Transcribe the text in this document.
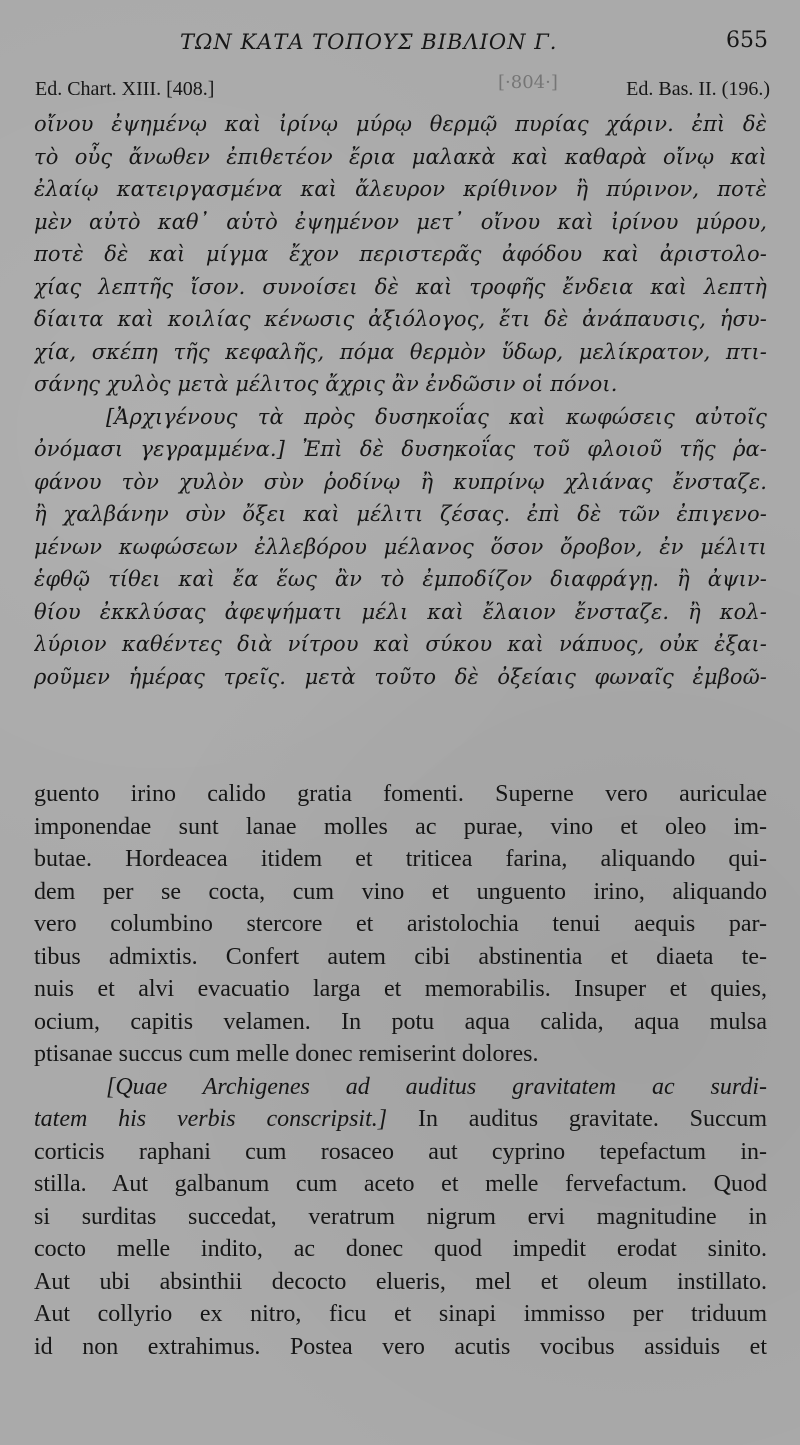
ΤΩΝ ΚΑΤΑ ΤΟΠΟΥΣ ΒΙΒΛΙΟΝ Γ.	655
Ed. Chart. XIII. [408.]	[·804·]	Ed. Bas. II. (196.)
οἴνου ἐψημένῳ καὶ ἰρίνῳ μύρῳ θερμῷ πυρίας χάριν. ἐπὶ δὲ
τὸ οὖς ἄνωθεν ἐπιθετέον ἔρια μαλακὰ καὶ καθαρὰ οἴνῳ καὶ
ἐλαίῳ κατειργασμένα καὶ ἄλευρον κρίθινον ἢ πύρινον, ποτὲ
μὲν αὐτὸ καθ᾽ αὑτὸ ἐψημένον μετ᾽ οἴνου καὶ ἰρίνου μύρου,
ποτὲ δὲ καὶ μίγμα ἔχον περιστερᾶς ἀφόδου καὶ ἀριστολο-
χίας λεπτῆς ἴσον. συνοίσει δὲ καὶ τροφῆς ἔνδεια καὶ λεπτὴ
δίαιτα καὶ κοιλίας κένωσις ἀξιόλογος, ἔτι δὲ ἀνάπαυσις, ἡσυ-
χία, σκέπη τῆς κεφαλῆς, πόμα θερμὸν ὕδωρ, μελίκρατον, πτι-
σάνης χυλὸς μετὰ μέλιτος ἄχρις ἂν ἐνδῶσιν οἱ πόνοι.
[Ἀρχιγένους τὰ πρὸς δυσηκοΐας καὶ κωφώσεις αὐτοῖς
ὀνόμασι γεγραμμένα.] Ἐπὶ δὲ δυσηκοΐας τοῦ φλοιοῦ τῆς ῥα-
φάνου τὸν χυλὸν σὺν ῥοδίνῳ ἢ κυπρίνῳ χλιάνας ἔνσταζε.
ἢ χαλβάνην σὺν ὄξει καὶ μέλιτι ζέσας. ἐπὶ δὲ τῶν ἐπιγενο-
μένων κωφώσεων ἐλλεβόρου μέλανος ὅσον ὄροβον, ἐν μέλιτι
ἑφθῷ τίθει καὶ ἔα ἕως ἂν τὸ ἐμποδίζον διαφράγῃ. ἢ ἀψιν-
θίου ἐκκλύσας ἀφεψήματι μέλι καὶ ἔλαιον ἔνσταζε. ἢ κολ-
λύριον καθέντες διὰ νίτρου καὶ σύκου καὶ νάπυος, οὐκ ἐξαι-
ροῦμεν ἡμέρας τρεῖς. μετὰ τοῦτο δὲ ὀξείαις φωναῖς ἐμβοῶ-
guento irino calido gratia fomenti. Superne vero auriculae
imponendae sunt lanae molles ac purae, vino et oleo im-
butae. Hordeacea itidem et triticea farina, aliquando qui-
dem per se cocta, cum vino et unguento irino, aliquando
vero columbino stercore et aristolochia tenui aequis par-
tibus admixtis. Confert autem cibi abstinentia et diaeta te-
nuis et alvi evacuatio larga et memorabilis. Insuper et quies,
ocium, capitis velamen. In potu aqua calida, aqua mulsa
ptisanae succus cum melle donec remiserint dolores.
[Quae Archigenes ad auditus gravitatem ac surdi-
tatem his verbis conscripsit.] In auditus gravitate. Succum
corticis raphani cum rosaceo aut cyprino tepefactum in-
stilla. Aut galbanum cum aceto et melle fervefactum. Quod
si surditas succedat, veratrum nigrum ervi magnitudine in
cocto melle indito, ac donec quod impedit erodat sinito.
Aut ubi absinthii decocto elueris, mel et oleum instillato.
Aut collyrio ex nitro, ficu et sinapi immisso per triduum
id non extrahimus. Postea vero acutis vocibus assiduis et
